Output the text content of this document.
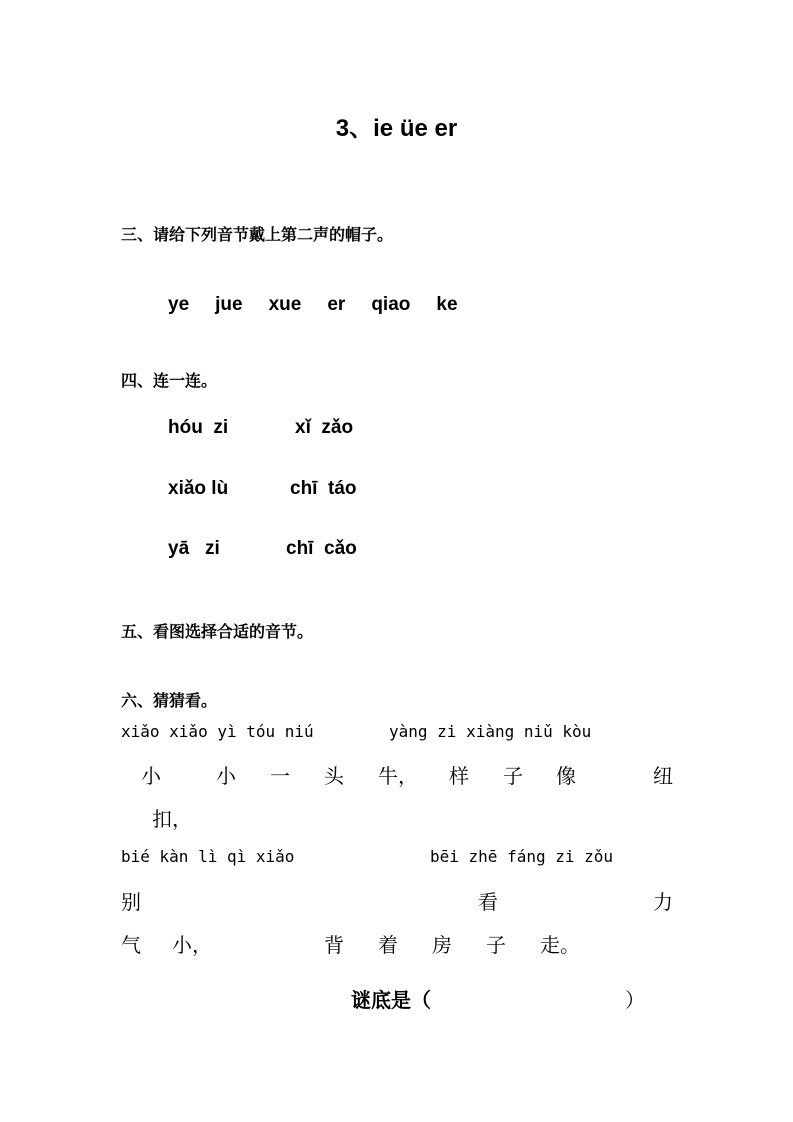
3、ie üe er
三、请给下列音节戴上第二声的帽子。
ye jue xue er qiao ke
四、连一连。
hóu  zi	xǐ  zǎo
xiǎo lù	chī  táo
yā   zi	chī  cǎo
五、看图选择合适的音节。
六、猜猜看。
xiǎo xiǎo yì tóu niú	yàng zi xiàng niǔ kòu
小	小 一 头 牛， 样 子 像	纽
扣，
bié kàn lì qì xiǎo	bēi zhē fáng zi zǒu
别	看	力
气 小，	背 着 房 子 走。
谜底是（	）
